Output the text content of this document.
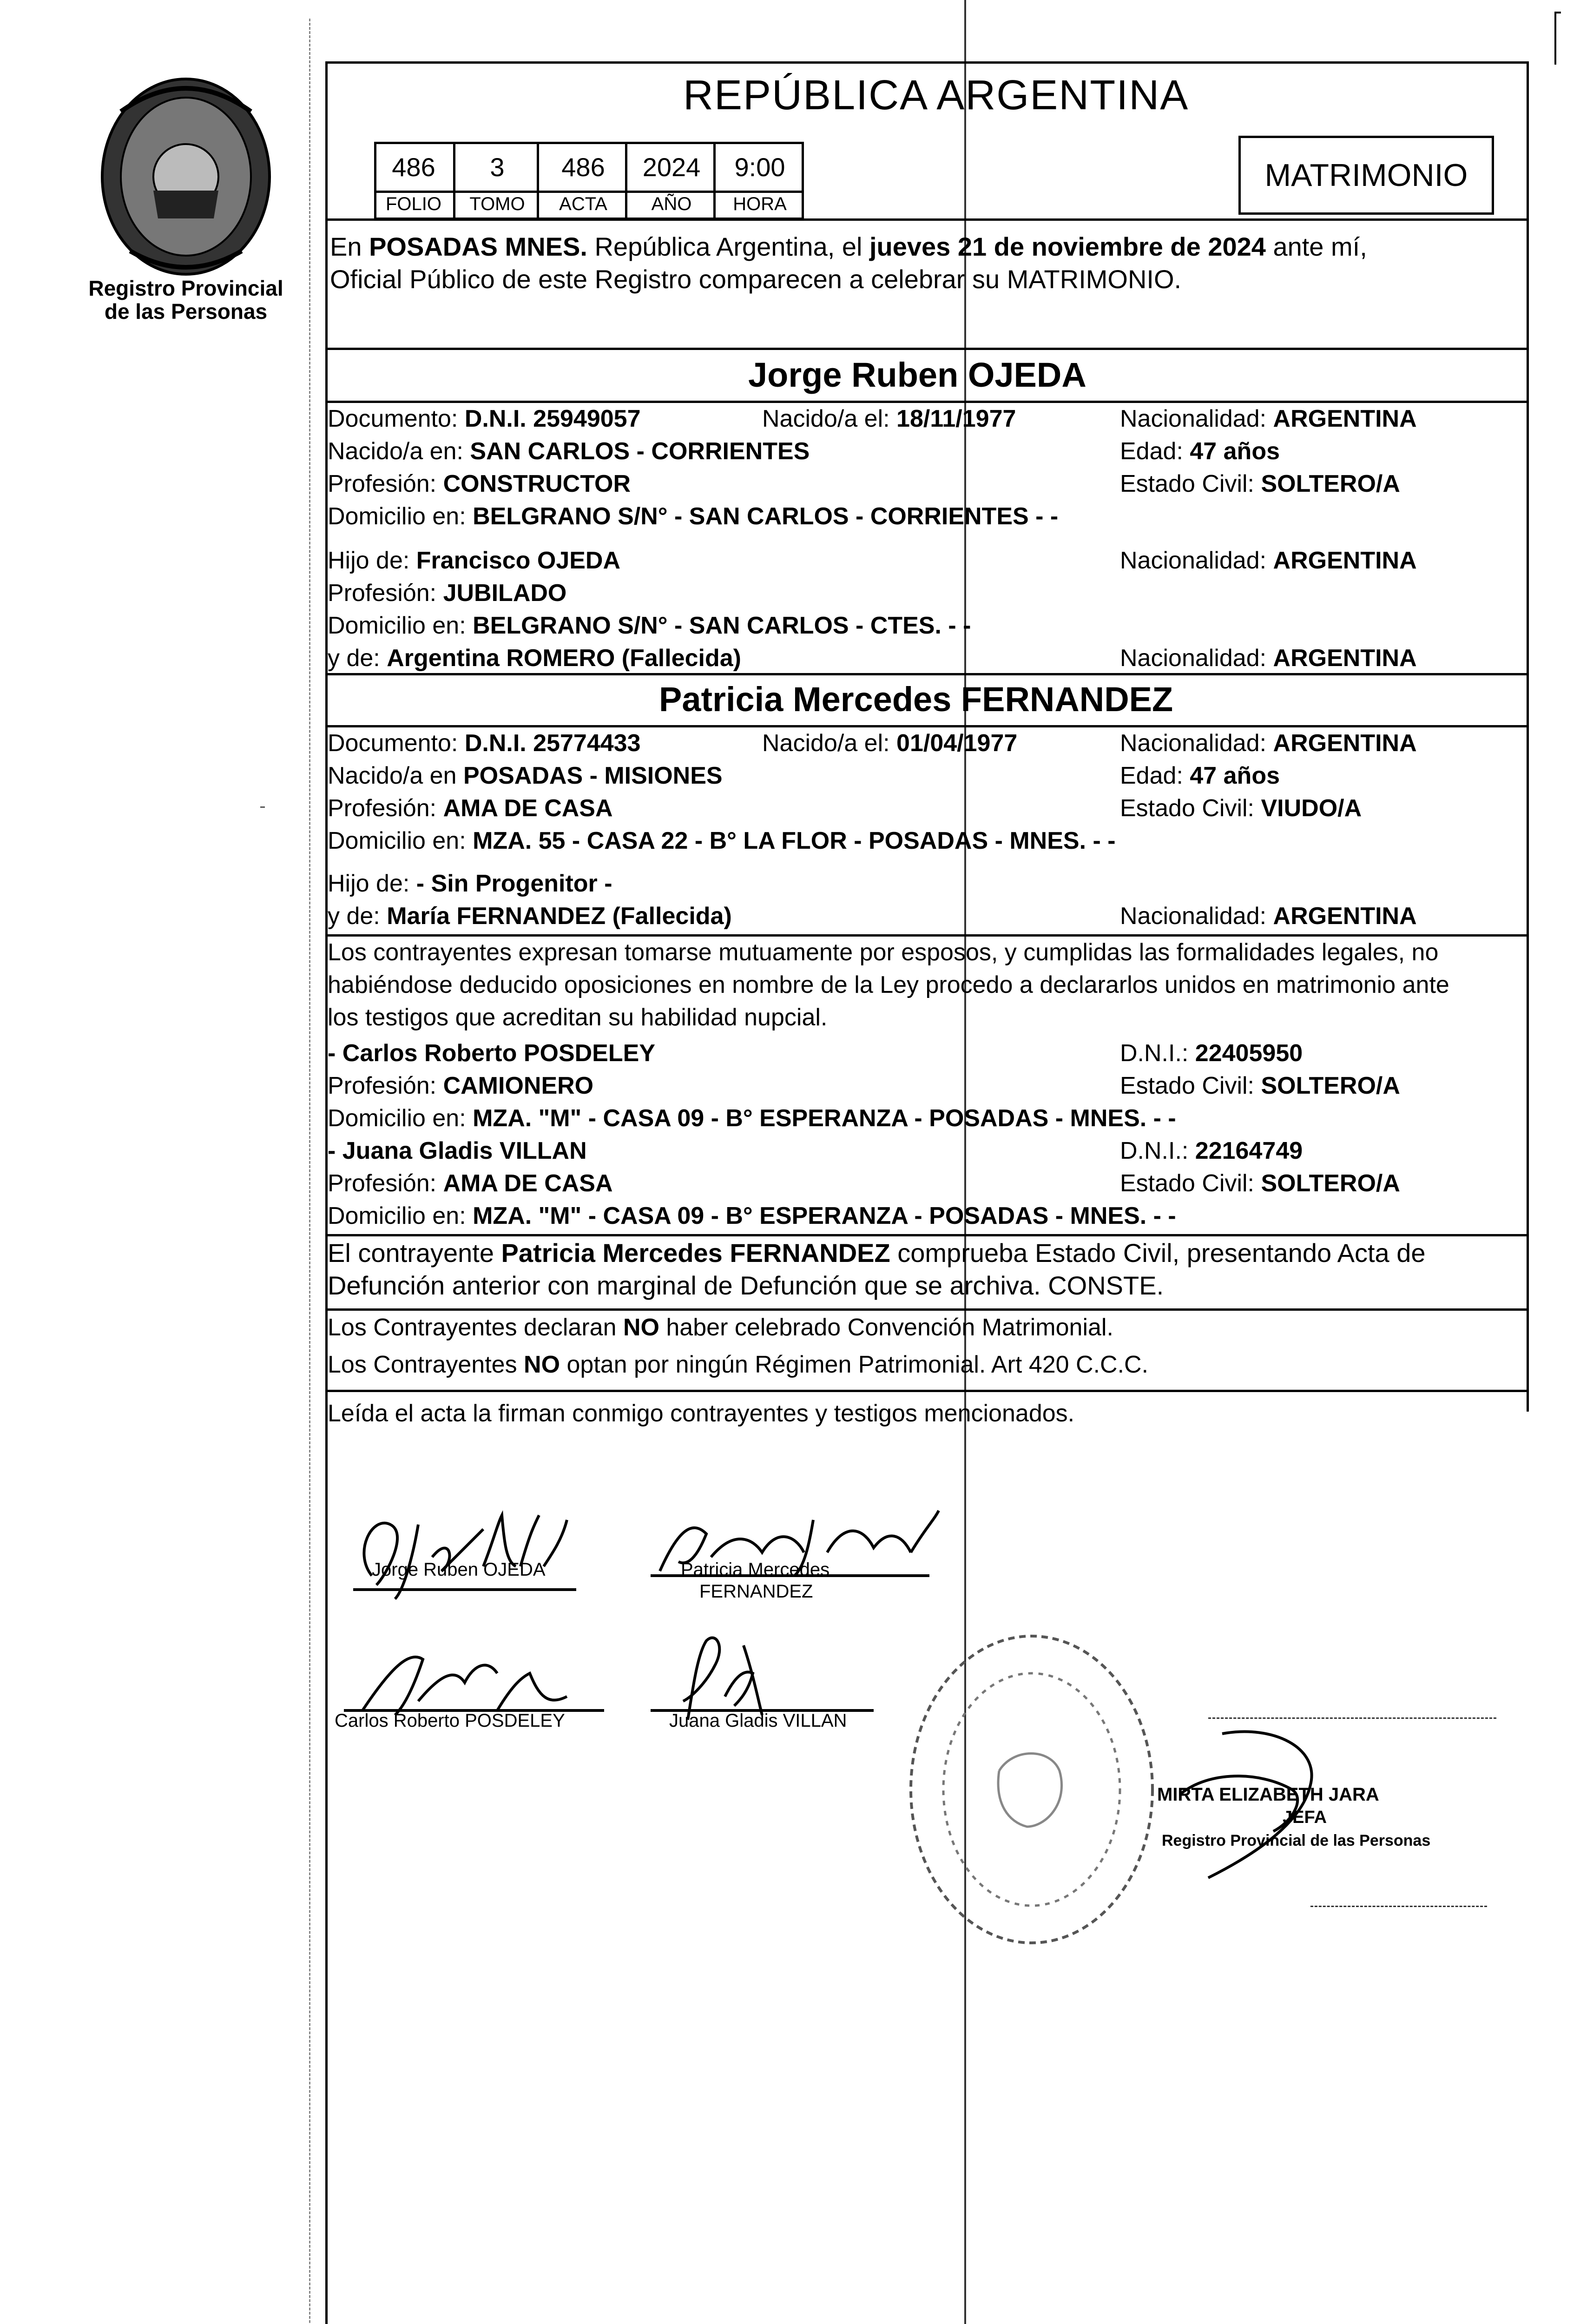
Registro Provincial
de las Personas
REPÚBLICA ARGENTINA
486	3	486	2024	9:00
FOLIO	TOMO	ACTA	AÑO	HORA
MATRIMONIO
En POSADAS MNES. República Argentina, el jueves 21 de noviembre de 2024 ante mí,
Oficial Público de este Registro comparecen a celebrar su MATRIMONIO.
Jorge Ruben OJEDA
Documento: D.N.I. 25949057	Nacido/a el: 18/11/1977	Nacionalidad: ARGENTINA
Nacido/a en: SAN CARLOS - CORRIENTES	Edad: 47 años
Profesión: CONSTRUCTOR	Estado Civil: SOLTERO/A
Domicilio en: BELGRANO S/N° - SAN CARLOS - CORRIENTES - -
Hijo de: Francisco OJEDA	Nacionalidad: ARGENTINA
Profesión: JUBILADO
Domicilio en: BELGRANO S/N° - SAN CARLOS - CTES. - -
y de: Argentina ROMERO (Fallecida)	Nacionalidad: ARGENTINA
Patricia Mercedes FERNANDEZ
Documento: D.N.I. 25774433	Nacido/a el: 01/04/1977	Nacionalidad: ARGENTINA
Nacido/a en POSADAS - MISIONES	Edad: 47 años
Profesión: AMA DE CASA	Estado Civil: VIUDO/A
Domicilio en: MZA. 55 - CASA 22 - B° LA FLOR - POSADAS - MNES. - -
Hijo de: - Sin Progenitor -
y de: María FERNANDEZ (Fallecida)	Nacionalidad: ARGENTINA
Los contrayentes expresan tomarse mutuamente por esposos, y cumplidas las formalidades legales, no
habiéndose deducido oposiciones en nombre de la Ley procedo a declararlos unidos en matrimonio ante
los testigos que acreditan su habilidad nupcial.
- Carlos Roberto POSDELEY	D.N.I.: 22405950
Profesión: CAMIONERO	Estado Civil: SOLTERO/A
Domicilio en: MZA. "M" - CASA 09 - B° ESPERANZA - POSADAS - MNES. - -
- Juana Gladis VILLAN	D.N.I.: 22164749
Profesión: AMA DE CASA	Estado Civil: SOLTERO/A
Domicilio en: MZA. "M" - CASA 09 - B° ESPERANZA - POSADAS - MNES. - -
El contrayente Patricia Mercedes FERNANDEZ comprueba Estado Civil, presentando Acta de
Defunción anterior con marginal de Defunción que se archiva. CONSTE.
Los Contrayentes declaran NO haber celebrado Convención Matrimonial.
Los Contrayentes NO optan por ningún Régimen Patrimonial. Art 420 C.C.C.
Leída el acta la firman conmigo contrayentes y testigos mencionados.
Jorge Ruben OJEDA	Patricia Mercedes
FERNANDEZ
Carlos Roberto POSDELEY	Juana Gladis VILLAN
MIRTA ELIZABETH JARA
JEFA
Registro Provincial de las Personas
